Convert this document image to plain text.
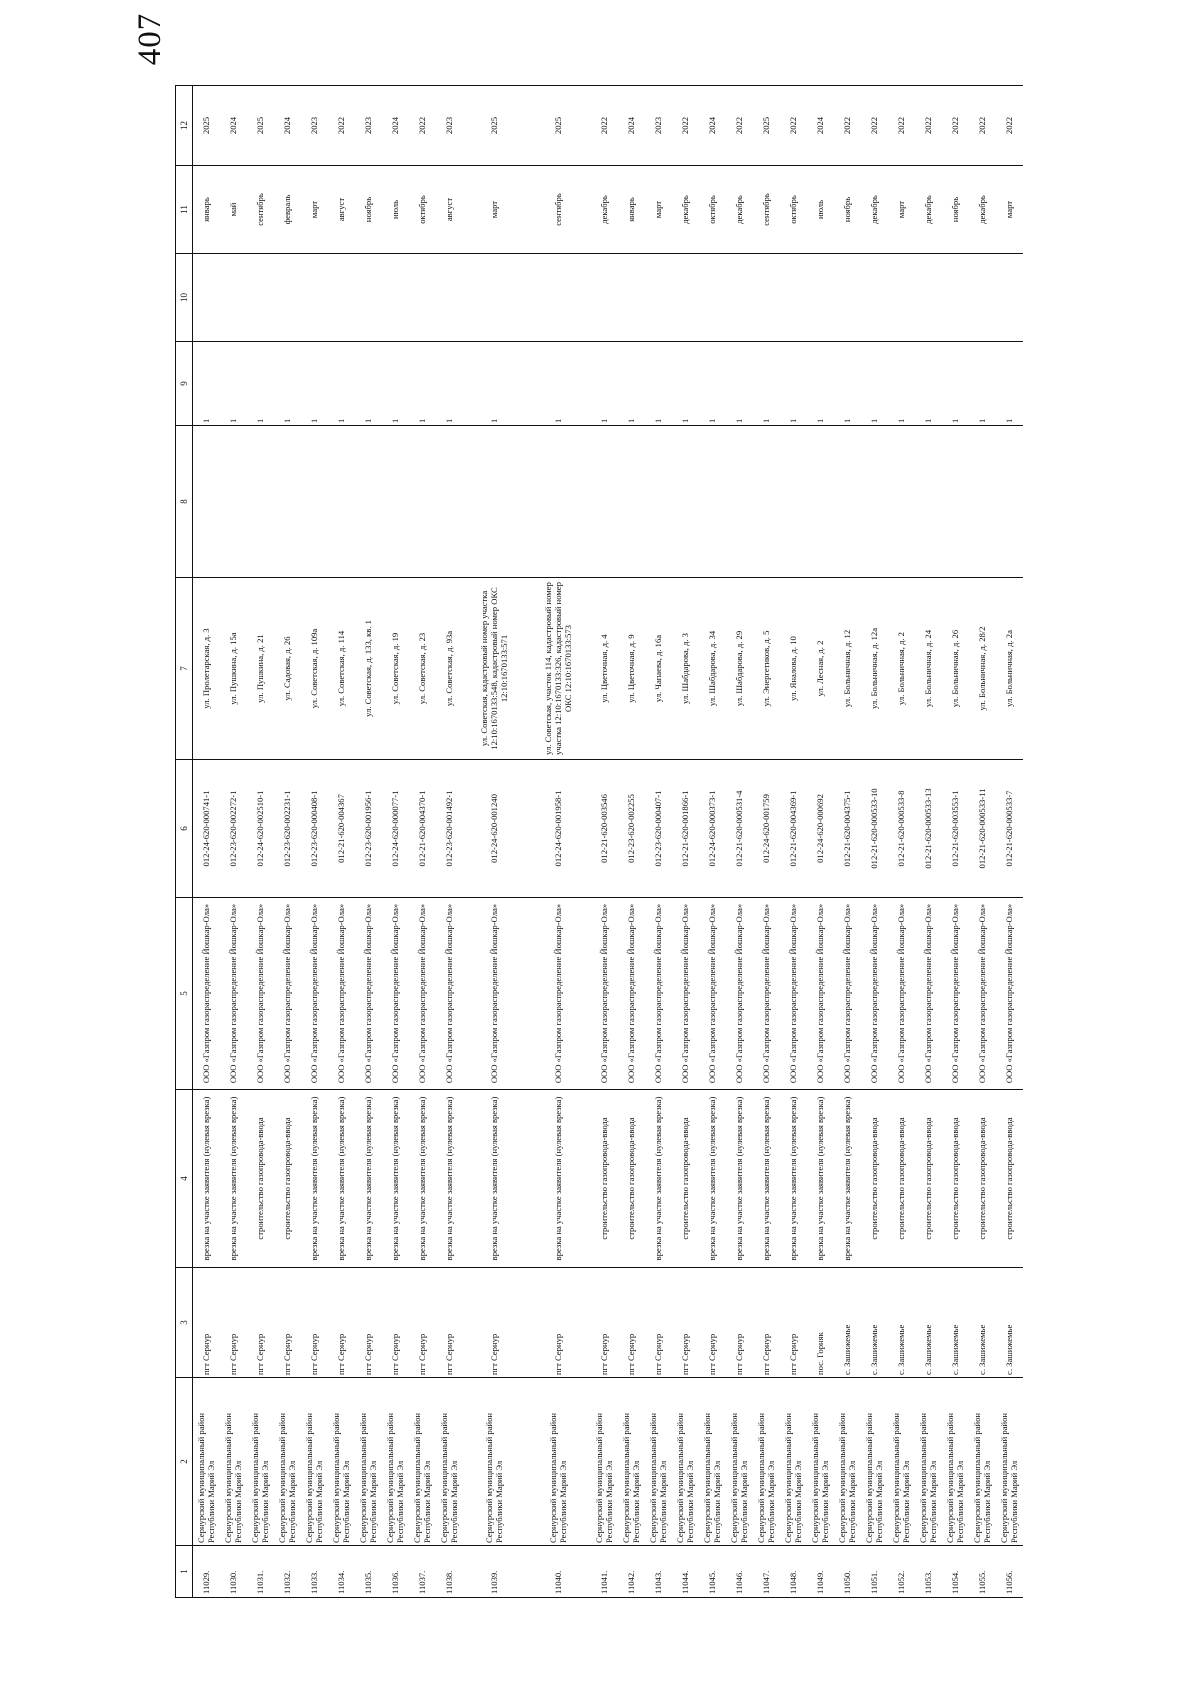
407
1	2	3	4	5	6	7	8	9	10	11	12
11029.	Сернурский муниципальный район Республики Марий Эл	пгт Сернур	врезка на участке заявителя (нулевая врезка)	ООО «Газпром газораспределение Йошкар-Ола»	012-24-620-000741-1	ул. Пролетарская, д. 3		1		январь	2025
11030.	Сернурский муниципальный район Республики Марий Эл	пгт Сернур	врезка на участке заявителя (нулевая врезка)	ООО «Газпром газораспределение Йошкар-Ола»	012-23-620-002272-1	ул. Пушкина, д. 15а		1		май	2024
11031.	Сернурский муниципальный район Республики Марий Эл	пгт Сернур	строительство газопровода-ввода	ООО «Газпром газораспределение Йошкар-Ола»	012-24-620-002510-1	ул. Пушкина, д. 21		1		сентябрь	2025
11032.	Сернурский муниципальный район Республики Марий Эл	пгт Сернур	строительство газопровода-ввода	ООО «Газпром газораспределение Йошкар-Ола»	012-23-620-002231-1	ул. Садовая, д. 26		1		февраль	2024
11033.	Сернурский муниципальный район Республики Марий Эл	пгт Сернур	врезка на участке заявителя (нулевая врезка)	ООО «Газпром газораспределение Йошкар-Ола»	012-23-620-000408-1	ул. Советская, д. 109а		1		март	2023
11034.	Сернурский муниципальный район Республики Марий Эл	пгт Сернур	врезка на участке заявителя (нулевая врезка)	ООО «Газпром газораспределение Йошкар-Ола»	012-21-620-004367	ул. Советская, д. 114		1		август	2022
11035.	Сернурский муниципальный район Республики Марий Эл	пгт Сернур	врезка на участке заявителя (нулевая врезка)	ООО «Газпром газораспределение Йошкар-Ола»	012-23-620-001956-1	ул. Советская, д. 133, кв. 1		1		ноябрь	2023
11036.	Сернурский муниципальный район Республики Марий Эл	пгт Сернур	врезка на участке заявителя (нулевая врезка)	ООО «Газпром газораспределение Йошкар-Ола»	012-24-620-000077-1	ул. Советская, д. 19		1		июль	2024
11037.	Сернурский муниципальный район Республики Марий Эл	пгт Сернур	врезка на участке заявителя (нулевая врезка)	ООО «Газпром газораспределение Йошкар-Ола»	012-21-620-004370-1	ул. Советская, д. 23		1		октябрь	2022
11038.	Сернурский муниципальный район Республики Марий Эл	пгт Сернур	врезка на участке заявителя (нулевая врезка)	ООО «Газпром газораспределение Йошкар-Ола»	012-23-620-001492-1	ул. Советская, д. 93а		1		август	2023
11039.	Сернурский муниципальный район Республики Марий Эл	пгт Сернур	врезка на участке заявителя (нулевая врезка)	ООО «Газпром газораспределение Йошкар-Ола»	012-24-620-001240	ул. Советская, кадастровый номер участка 12:10:1670133:548, кадастровый номер ОКС 12:10:1670133:571		1		март	2025
11040.	Сернурский муниципальный район Республики Марий Эл	пгт Сернур	врезка на участке заявителя (нулевая врезка)	ООО «Газпром газораспределение Йошкар-Ола»	012-24-620-001958-1	ул. Советская, участок 114, кадастровый номер участка 12:10:1670133:326, кадастровый номер ОКС 12:10:1670133:573		1		сентябрь	2025
11041.	Сернурский муниципальный район Республики Марий Эл	пгт Сернур	строительство газопровода-ввода	ООО «Газпром газораспределение Йошкар-Ола»	012-21-620-003546	ул. Цветочная, д. 4		1		декабрь	2022
11042.	Сернурский муниципальный район Республики Марий Эл	пгт Сернур	строительство газопровода-ввода	ООО «Газпром газораспределение Йошкар-Ола»	012-23-620-002255	ул. Цветочная, д. 9		1		январь	2024
11043.	Сернурский муниципальный район Республики Марий Эл	пгт Сернур	врезка на участке заявителя (нулевая врезка)	ООО «Газпром газораспределение Йошкар-Ола»	012-23-620-000407-1	ул. Чапаева, д. 16а		1		март	2023
11044.	Сернурский муниципальный район Республики Марий Эл	пгт Сернур	строительство газопровода-ввода	ООО «Газпром газораспределение Йошкар-Ола»	012-21-620-001866-1	ул. Шабдарова, д. 3		1		декабрь	2022
11045.	Сернурский муниципальный район Республики Марий Эл	пгт Сернур	врезка на участке заявителя (нулевая врезка)	ООО «Газпром газораспределение Йошкар-Ола»	012-24-620-000373-1	ул. Шабдарова, д. 34		1		октябрь	2024
11046.	Сернурский муниципальный район Республики Марий Эл	пгт Сернур	врезка на участке заявителя (нулевая врезка)	ООО «Газпром газораспределение Йошкар-Ола»	012-21-620-000531-4	ул. Шабдарова, д. 29		1		декабрь	2022
11047.	Сернурский муниципальный район Республики Марий Эл	пгт Сернур	врезка на участке заявителя (нулевая врезка)	ООО «Газпром газораспределение Йошкар-Ола»	012-24-620-001759	ул. Энергетиков, д. 5		1		сентябрь	2025
11048.	Сернурский муниципальный район Республики Марий Эл	пгт Сернур	врезка на участке заявителя (нулевая врезка)	ООО «Газпром газораспределение Йошкар-Ола»	012-21-620-004369-1	ул. Яналова, д. 10		1		октябрь	2022
11049.	Сернурский муниципальный район Республики Марий Эл	пос. Горняк	врезка на участке заявителя (нулевая врезка)	ООО «Газпром газораспределение Йошкар-Ола»	012-24-620-000692	ул. Лесная, д. 2		1		июль	2024
11050.	Сернурский муниципальный район Республики Марий Эл	с. Зашижемье	врезка на участке заявителя (нулевая врезка)	ООО «Газпром газораспределение Йошкар-Ола»	012-21-620-004375-1	ул. Больничная, д. 12		1		ноябрь	2022
11051.	Сернурский муниципальный район Республики Марий Эл	с. Зашижемье	строительство газопровода-ввода	ООО «Газпром газораспределение Йошкар-Ола»	012-21-620-000533-10	ул. Больничная, д. 12а		1		декабрь	2022
11052.	Сернурский муниципальный район Республики Марий Эл	с. Зашижемье	строительство газопровода-ввода	ООО «Газпром газораспределение Йошкар-Ола»	012-21-620-000533-8	ул. Больничная, д. 2		1		март	2022
11053.	Сернурский муниципальный район Республики Марий Эл	с. Зашижемье	строительство газопровода-ввода	ООО «Газпром газораспределение Йошкар-Ола»	012-21-620-000533-13	ул. Больничная, д. 24		1		декабрь	2022
11054.	Сернурский муниципальный район Республики Марий Эл	с. Зашижемье	строительство газопровода-ввода	ООО «Газпром газораспределение Йошкар-Ола»	012-21-620-003553-1	ул. Больничная, д. 26		1		ноябрь	2022
11055.	Сернурский муниципальный район Республики Марий Эл	с. Зашижемье	строительство газопровода-ввода	ООО «Газпром газораспределение Йошкар-Ола»	012-21-620-000533-11	ул. Больничная, д. 28/2		1		декабрь	2022
11056.	Сернурский муниципальный район Республики Марий Эл	с. Зашижемье	строительство газопровода-ввода	ООО «Газпром газораспределение Йошкар-Ола»	012-21-620-000533-7	ул. Больничная, д. 2а		1		март	2022
